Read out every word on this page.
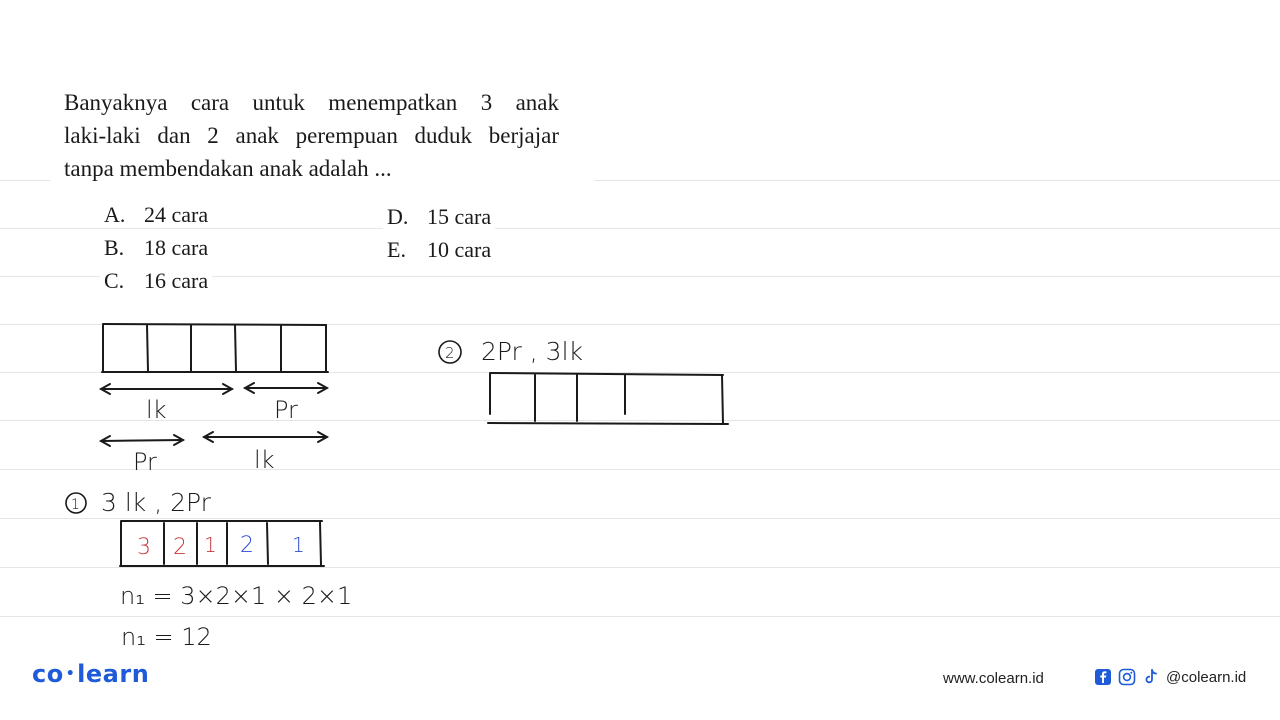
Banyaknya cara untuk menempatkan 3 anak
laki-laki dan 2 anak perempuan duduk berjajar
tanpa membendakan anak adalah ...
A. 24 cara
B. 18 cara
C. 16 cara
D. 15 cara
E. 10 cara
lk	Pr
Pr	lk
1 3 lk , 2Pr
3 2 1 2 1
n₁ = 3×2×1 × 2×1
n₁ = 12
2 2Pr , 3lk
co •learn	www.colearn.id	@colearn.id
